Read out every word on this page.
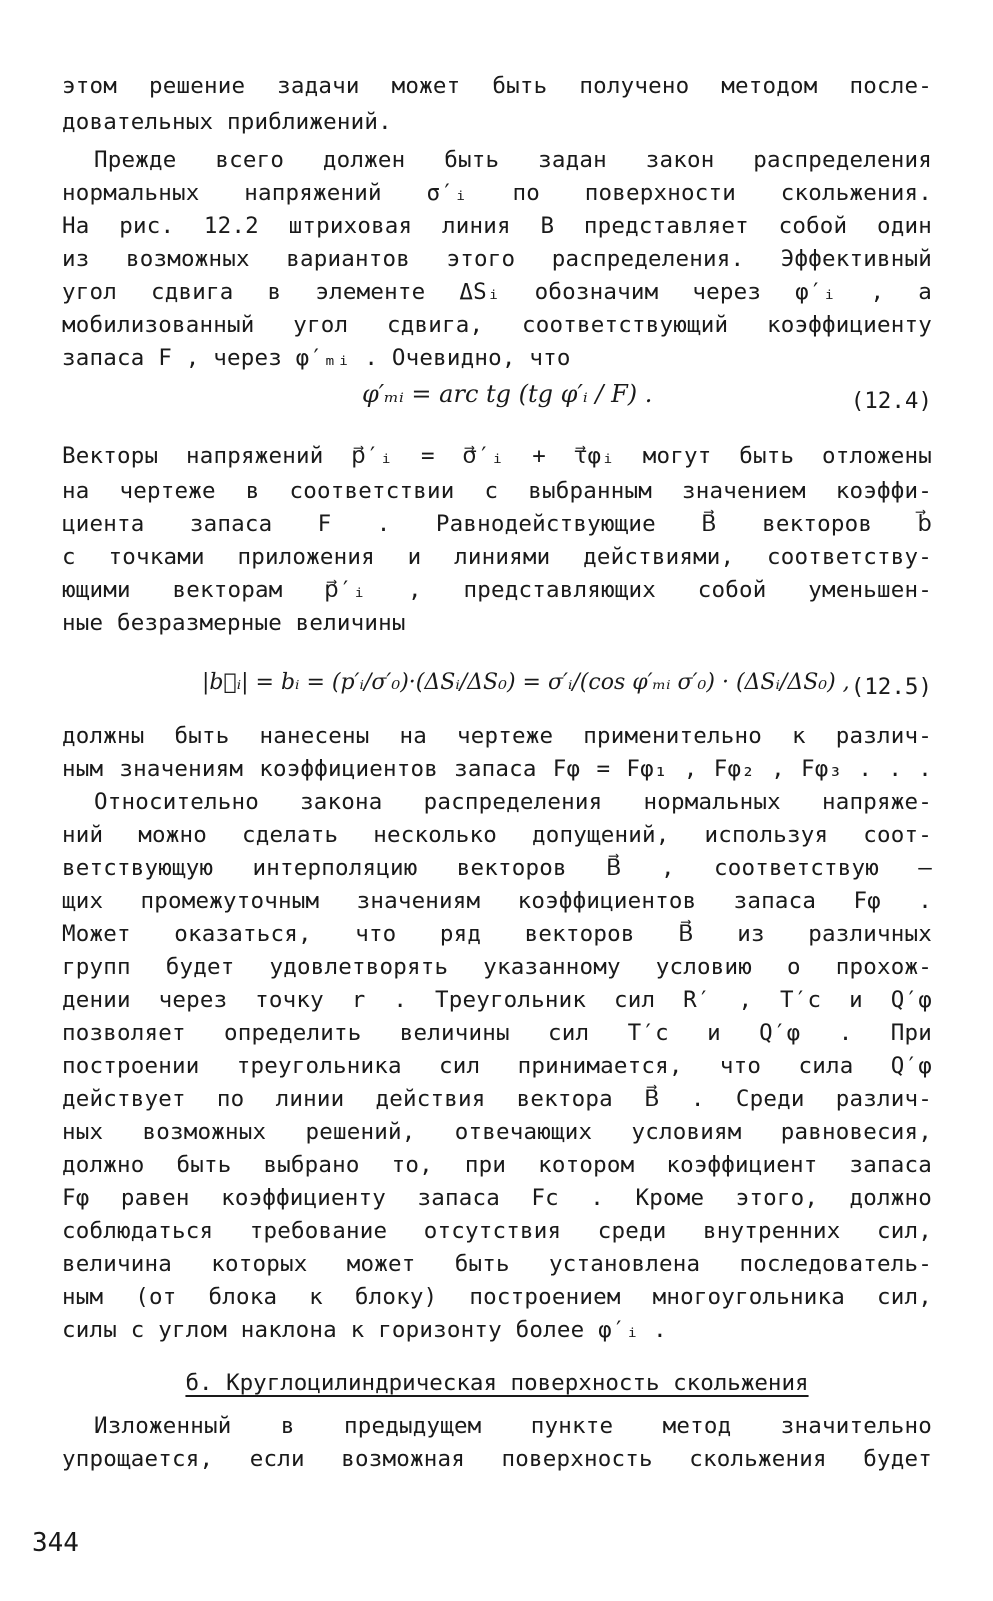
этом решение задачи может быть получено методом после-
довательных приближений.
Прежде всего должен быть задан закон распределения
нормальных напряжений σ′ᵢ по поверхности скольжения.
На рис. 12.2 штриховая линия B представляет собой один
из возможных вариантов этого распределения. Эффективный
угол сдвига в элементе ΔSᵢ обозначим через φ′ᵢ , а
мобилизованный угол сдвига, соответствующий коэффициенту
запаса F , через φ′ₘᵢ . Очевидно, что
φ′ₘᵢ = arc tg (tg φ′ᵢ / F) .	(12.4)
Векторы напряжений p⃗′ᵢ = σ⃗′ᵢ + τ⃗φᵢ могут быть отложены
на чертеже в соответствии с выбранным значением коэффи-
циента запаса F . Равнодействующие B⃗ векторов b⃗
с точками приложения и линиями действиями, соответству-
ющими векторам p⃗′ᵢ , представляющих собой уменьшен-
ные безразмерные величины
|b⃗ᵢ| = bᵢ = (p′ᵢ/σ′₀)·(ΔSᵢ/ΔS₀) = σ′ᵢ/(cos φ′ₘᵢ σ′₀) · (ΔSᵢ/ΔS₀) , (12.5)
должны быть нанесены на чертеже применительно к различ-
ным значениям коэффициентов запаса Fφ = Fφ₁ , Fφ₂ , Fφ₃ . . .
Относительно закона распределения нормальных напряже-
ний можно сделать несколько допущений, используя соот-
ветствующую интерполяцию векторов B⃗ , соответствую —
щих промежуточным значениям коэффициентов запаса Fφ .
Может оказаться, что ряд векторов B⃗ из различных
групп будет удовлетворять указанному условию о прохож-
дении через точку r . Треугольник сил R′ , T′c и Q′φ
позволяет определить величины сил T′c и Q′φ . При
построении треугольника сил принимается, что сила Q′φ
действует по линии действия вектора B⃗ . Среди различ-
ных возможных решений, отвечающих условиям равновесия,
должно быть выбрано то, при котором коэффициент запаса
Fφ равен коэффициенту запаса Fc . Кроме этого, должно
соблюдаться требование отсутствия среди внутренних сил,
величина которых может быть установлена последователь-
ным (от блока к блоку) построением многоугольника сил,
силы с углом наклона к горизонту более φ′ᵢ .
б. Круглоцилиндрическая поверхность скольжения
Изложенный в предыдущем пункте метод значительно
упрощается, если возможная поверхность скольжения будет
344
